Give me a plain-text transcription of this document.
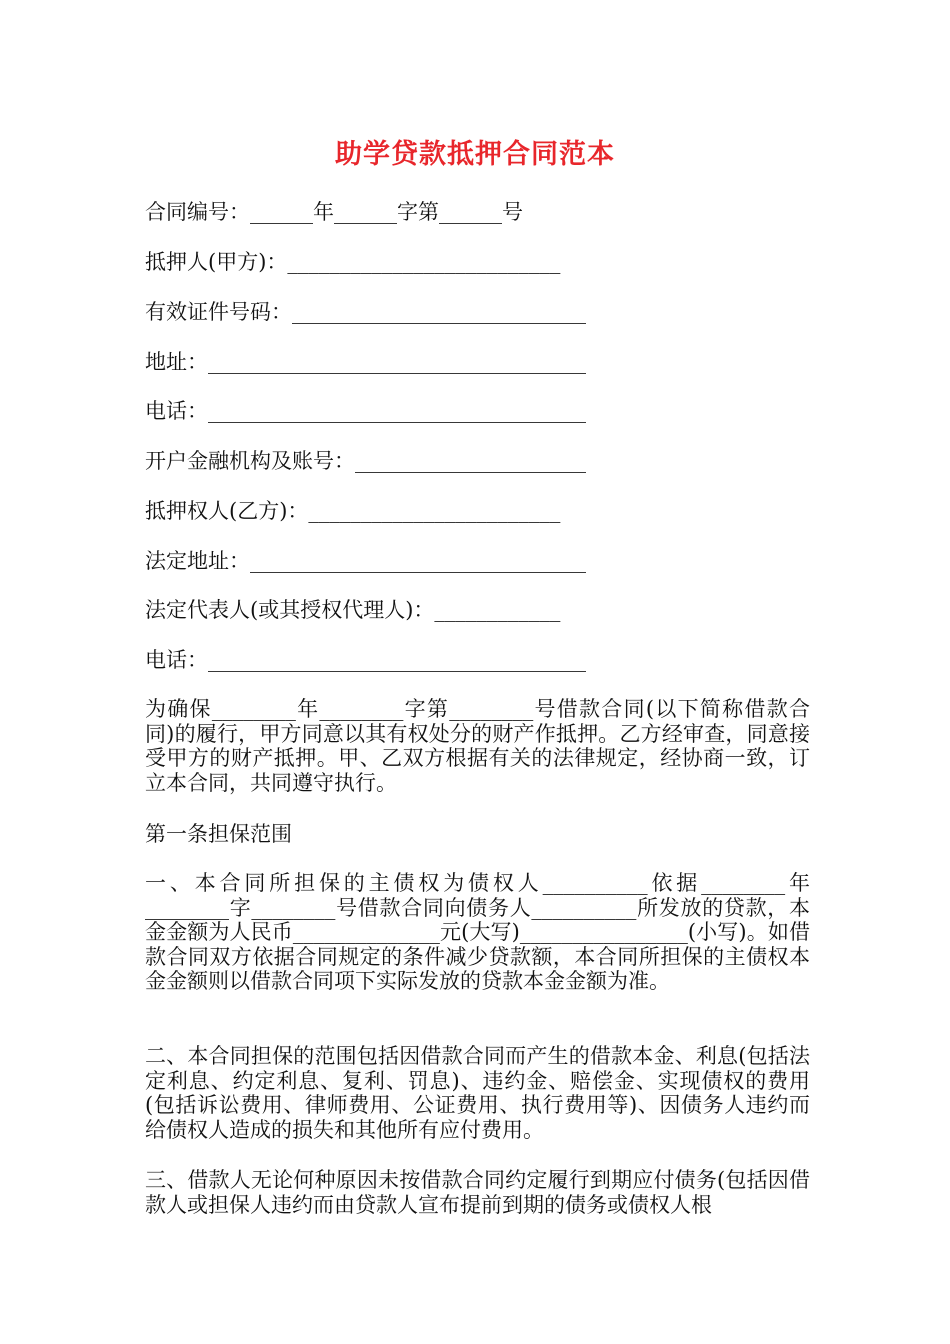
助学贷款抵押合同范本
合同编号：______年______字第______号
抵押人(甲方)：__________________________
有效证件号码：____________________________
地址：____________________________________
电话：____________________________________
开户金融机构及账号：______________________
抵押权人(乙方)：________________________
法定地址：________________________________
法定代表人(或其授权代理人)：____________
电话：____________________________________
为确保________年________字第________号借款合同(以下简称借款合同)的履行，甲方同意以其有权处分的财产作抵押。乙方经审查，同意接受甲方的财产抵押。甲、乙双方根据有关的法律规定，经协商一致，订立本合同，共同遵守执行。
第一条担保范围
一、本合同所担保的主债权为债权人__________依据________年________字________号借款合同向债务人__________所发放的贷款，本金金额为人民币______________元(大写)________________(小写)。如借款合同双方依据合同规定的条件减少贷款额，本合同所担保的主债权本金金额则以借款合同项下实际发放的贷款本金金额为准。
二、本合同担保的范围包括因借款合同而产生的借款本金、利息(包括法定利息、约定利息、复利、罚息)、违约金、赔偿金、实现债权的费用(包括诉讼费用、律师费用、公证费用、执行费用等)、因债务人违约而给债权人造成的损失和其他所有应付费用。
三、借款人无论何种原因未按借款合同约定履行到期应付债务(包括因借款人或担保人违约而由贷款人宣布提前到期的债务或债权人根
